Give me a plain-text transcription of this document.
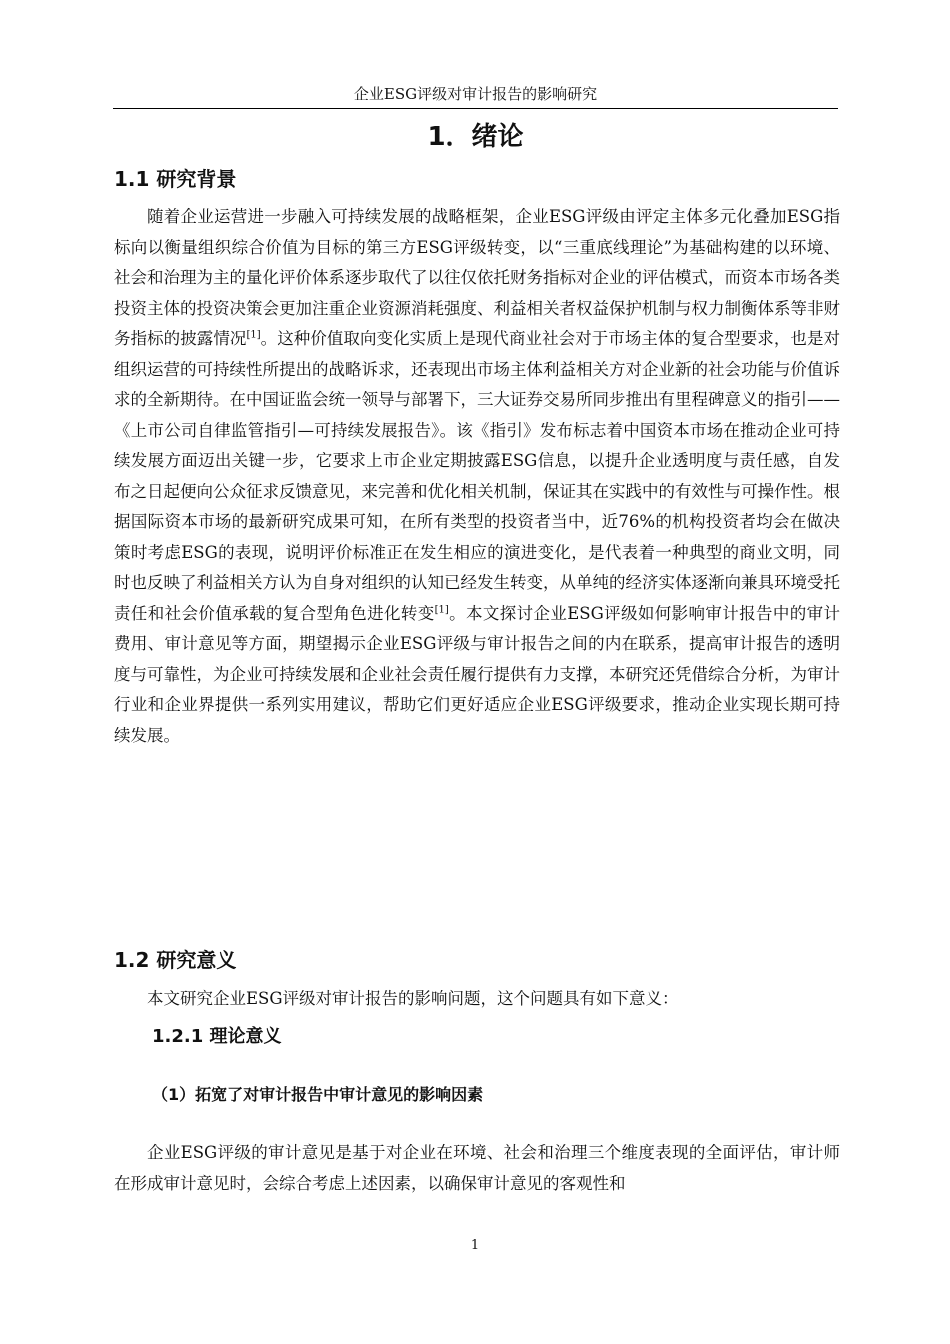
企业ESG评级对审计报告的影响研究
1．绪论
1.1 研究背景

随着企业运营进一步融入可持续发展的战略框架，企业ESG评级由评定主体多元化叠加ESG指标向以衡量组织综合价值为目标的第三方ESG评级转变，以“三重底线理论”为基础构建的以环境、社会和治理为主的量化评价体系逐步取代了以往仅依托财务指标对企业的评估模式，而资本市场各类投资主体的投资决策会更加注重企业资源消耗强度、利益相关者权益保护机制与权力制衡体系等非财务指标的披露情况[1]。这种价值取向变化实质上是现代商业社会对于市场主体的复合型要求，也是对组织运营的可持续性所提出的战略诉求，还表现出市场主体利益相关方对企业新的社会功能与价值诉求的全新期待。在中国证监会统一领导与部署下，三大证券交易所同步推出有里程碑意义的指引——《上市公司自律监管指引—可持续发展报告》。该《指引》发布标志着中国资本市场在推动企业可持续发展方面迈出关键一步，它要求上市企业定期披露ESG信息，以提升企业透明度与责任感，自发布之日起便向公众征求反馈意见，来完善和优化相关机制，保证其在实践中的有效性与可操作性。根据国际资本市场的最新研究成果可知，在所有类型的投资者当中，近76%的机构投资者均会在做决策时考虑ESG的表现，说明评价标准正在发生相应的演进变化，是代表着一种典型的商业文明，同时也反映了利益相关方认为自身对组织的认知已经发生转变，从单纯的经济实体逐渐向兼具环境受托责任和社会价值承载的复合型角色进化转变[1]。本文探讨企业ESG评级如何影响审计报告中的审计费用、审计意见等方面，期望揭示企业ESG评级与审计报告之间的内在联系，提高审计报告的透明度与可靠性，为企业可持续发展和企业社会责任履行提供有力支撑，本研究还凭借综合分析，为审计行业和企业界提供一系列实用建议，帮助它们更好适应企业ESG评级要求，推动企业实现长期可持续发展。

1.2 研究意义

本文研究企业ESG评级对审计报告的影响问题，这个问题具有如下意义：

1.2.1 理论意义
（1）拓宽了对审计报告中审计意见的影响因素

企业ESG评级的审计意见是基于对企业在环境、社会和治理三个维度表现的全面评估，审计师在形成审计意见时，会综合考虑上述因素，以确保审计意见的客观性和

1
